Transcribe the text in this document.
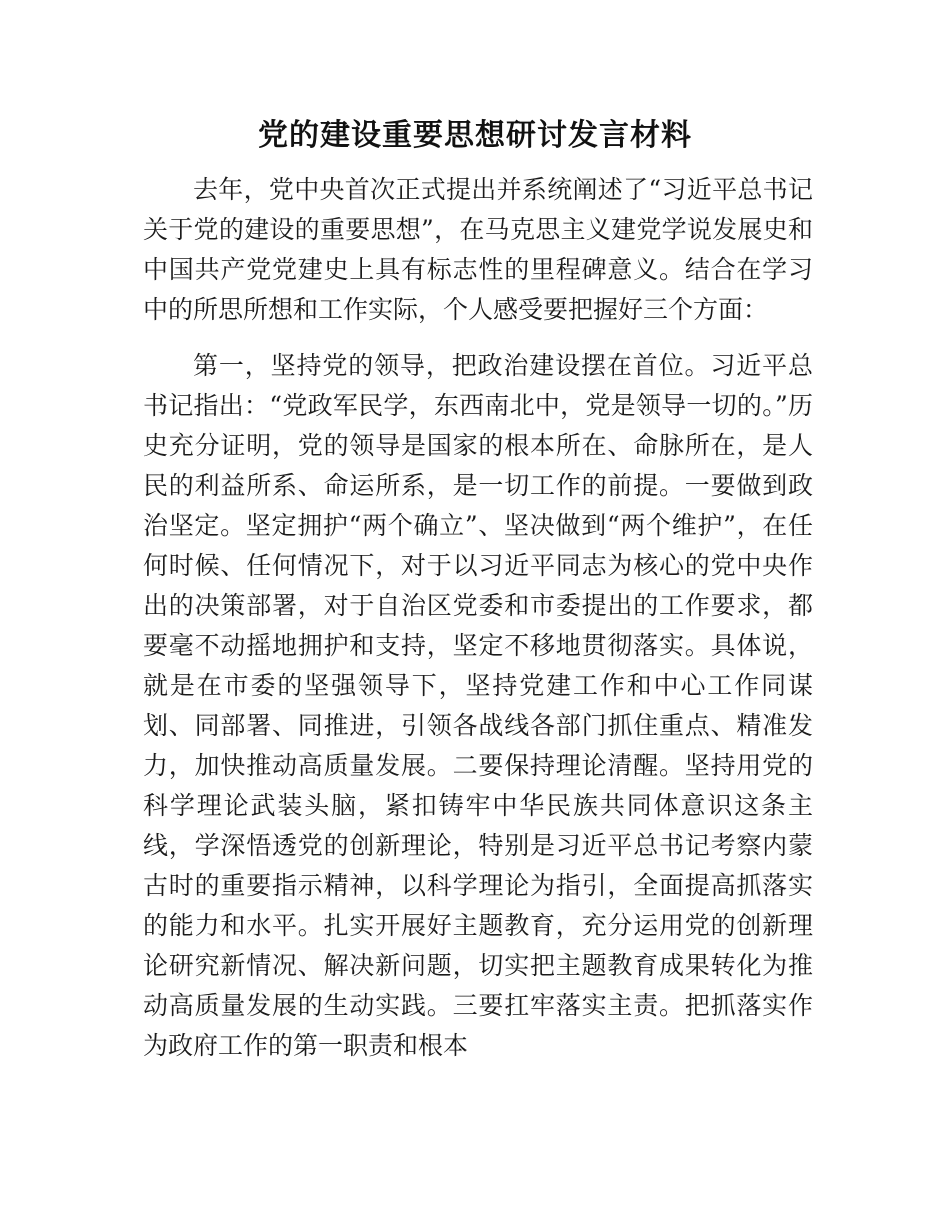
党的建设重要思想研讨发言材料

去年，党中央首次正式提出并系统阐述了“习近平总书记关于党的建设的重要思想”，在马克思主义建党学说发展史和中国共产党党建史上具有标志性的里程碑意义。结合在学习中的所思所想和工作实际，个人感受要把握好三个方面：

第一，坚持党的领导，把政治建设摆在首位。习近平总书记指出：“党政军民学，东西南北中，党是领导一切的。”历史充分证明，党的领导是国家的根本所在、命脉所在，是人民的利益所系、命运所系，是一切工作的前提。一要做到政治坚定。坚定拥护“两个确立”、坚决做到“两个维护”，在任何时候、任何情况下，对于以习近平同志为核心的党中央作出的决策部署，对于自治区党委和市委提出的工作要求，都要毫不动摇地拥护和支持，坚定不移地贯彻落实。具体说，就是在市委的坚强领导下，坚持党建工作和中心工作同谋划、同部署、同推进，引领各战线各部门抓住重点、精准发力，加快推动高质量发展。二要保持理论清醒。坚持用党的科学理论武装头脑，紧扣铸牢中华民族共同体意识这条主线，学深悟透党的创新理论，特别是习近平总书记考察内蒙古时的重要指示精神，以科学理论为指引，全面提高抓落实的能力和水平。扎实开展好主题教育，充分运用党的创新理论研究新情况、解决新问题，切实把主题教育成果转化为推动高质量发展的生动实践。三要扛牢落实主责。把抓落实作为政府工作的第一职责和根本
